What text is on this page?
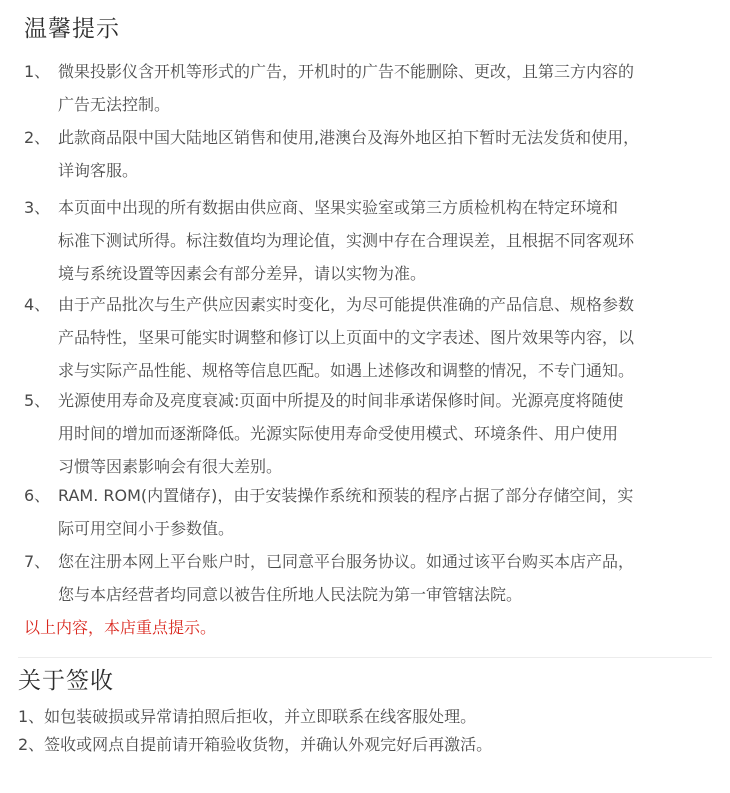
温馨提示
1、 微果投影仪含开机等形式的广告，开机时的广告不能删除、更改，且第三方内容的
广告无法控制。
2、 此款商品限中国大陆地区销售和使用,港澳台及海外地区拍下暂时无法发货和使用，
详询客服。
3、 本页面中出现的所有数据由供应商、坚果实验室或第三方质检机构在特定环境和
标准下测试所得。标注数值均为理论值，实测中存在合理误差，且根据不同客观环
境与系统设置等因素会有部分差异，请以实物为准。
4、 由于产品批次与生产供应因素实时变化，为尽可能提供准确的产品信息、规格参数
产品特性，坚果可能实时调整和修订以上页面中的文字表述、图片效果等内容，以
求与实际产品性能、规格等信息匹配。如遇上述修改和调整的情况，不专门通知。
5、 光源使用寿命及亮度衰减:页面中所提及的时间非承诺保修时间。光源亮度将随使
用时间的增加而逐渐降低。光源实际使用寿命受使用模式、环境条件、用户使用
习惯等因素影响会有很大差别。
6、 RAM. ROM(内置储存)，由于安装操作系统和预装的程序占据了部分存储空间，实
际可用空间小于参数值。
7、 您在注册本网上平台账户时，已同意平台服务协议。如通过该平台购买本店产品，
您与本店经营者均同意以被告住所地人民法院为第一审管辖法院。
以上内容，本店重点提示。
关于签收
1、如包装破损或异常请拍照后拒收，并立即联系在线客服处理。
2、签收或网点自提前请开箱验收货物，并确认外观完好后再激活。
